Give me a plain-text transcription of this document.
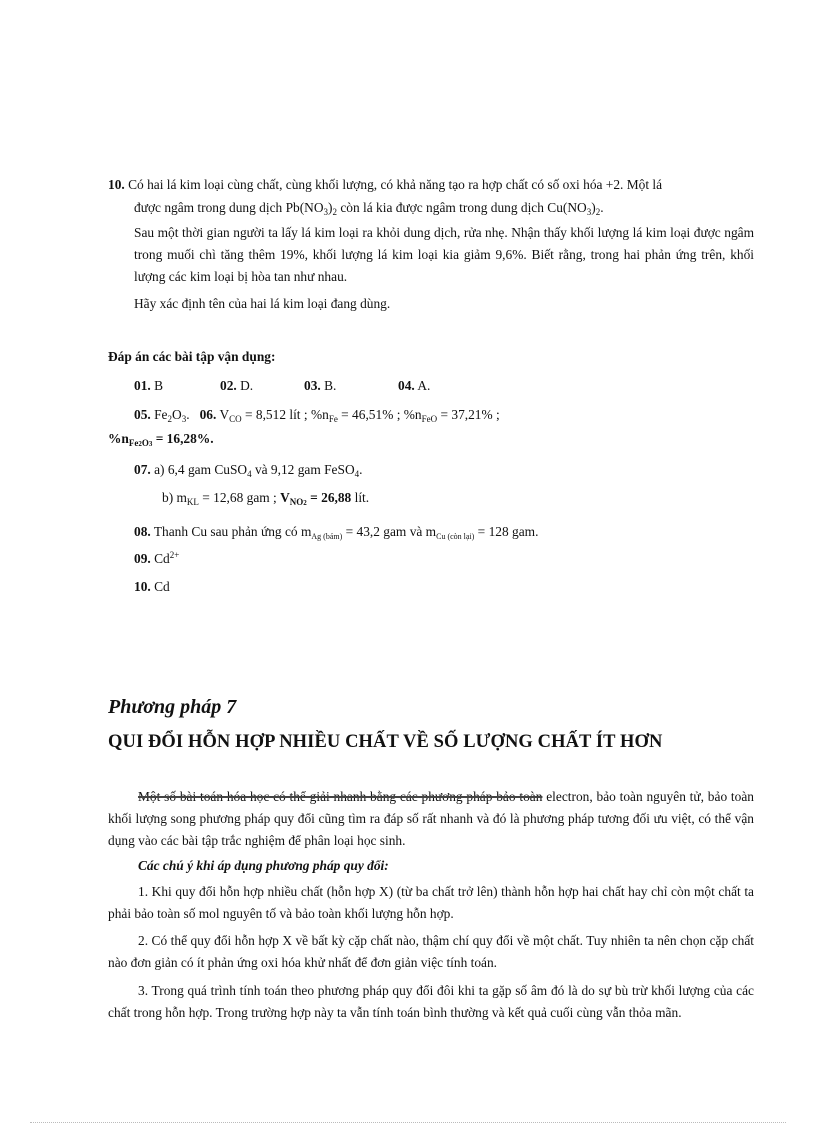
10. Có hai lá kim loại cùng chất, cùng khối lượng, có khả năng tạo ra hợp chất có số oxi hóa +2. Một lá
được ngâm trong dung dịch $Pb(NO_3)_2$ còn lá kia được ngâm trong dung dịch $Cu(NO_3)_2$.

Sau một thời gian người ta lấy lá kim loại ra khỏi dung dịch, rửa nhẹ. Nhận thấy khối lượng lá kim loại được ngâm trong muối chì tăng thêm 19%, khối lượng lá kim loại kia giảm 9,6%. Biết rằng, trong hai phản ứng trên, khối lượng các kim loại bị hòa tan như nhau.

Hãy xác định tên của hai lá kim loại đang dùng.

Đáp án các bài tập vận dụng:
01. B	02. D.	03. B.	04. A.
05. $Fe_2O_3$. 06. $V_{CO} = 8,512$ lít ; $\%n_{Fe} = 46,51\%$ ; $\%n_{FeO} = 37,21\%$ ;
$\%n_{Fe2O3} = 16,28\%$.
07. a) 6,4 gam CuSO$_4$ và 9,12 gam FeSO$_4$.
b) $m_{KL} = 12,68$ gam ; $V_{NO2} = 26,88$ lít.
08. Thanh Cu sau phản ứng có $m_{Ag (bám)} = 43,2$ gam và $m_{Cu (còn lại)} = 128$ gam.
09. $Cd^{2+}$
10. Cd
Phương pháp 7
QUI ĐỔI HỖN HỢP NHIỀU CHẤT VỀ SỐ LƯỢNG CHẤT ÍT HƠN

Một số bài toán hóa học có thể giải nhanh bằng các phương pháp bảo toàn electron, bảo toàn nguyên tử, bảo toàn khối lượng song phương pháp quy đổi cũng tìm ra đáp số rất nhanh và đó là phương pháp tương đối ưu việt, có thể vận dụng vào các bài tập trắc nghiệm để phân loại học sinh.

Các chú ý khi áp dụng phương pháp quy đổi:

1. Khi quy đổi hỗn hợp nhiều chất (hỗn hợp X) (từ ba chất trở lên) thành hỗn hợp hai chất hay chỉ còn một chất ta phải bảo toàn số mol nguyên tố và bảo toàn khối lượng hỗn hợp.

2. Có thể quy đổi hỗn hợp X về bất kỳ cặp chất nào, thậm chí quy đổi về một chất. Tuy nhiên ta nên chọn cặp chất nào đơn giản có ít phản ứng oxi hóa khử nhất để đơn giản việc tính toán.

3. Trong quá trình tính toán theo phương pháp quy đổi đôi khi ta gặp số âm đó là do sự bù trừ khối lượng của các chất trong hỗn hợp. Trong trường hợp này ta vẫn tính toán bình thường và kết quả cuối cùng vẫn thỏa mãn.
